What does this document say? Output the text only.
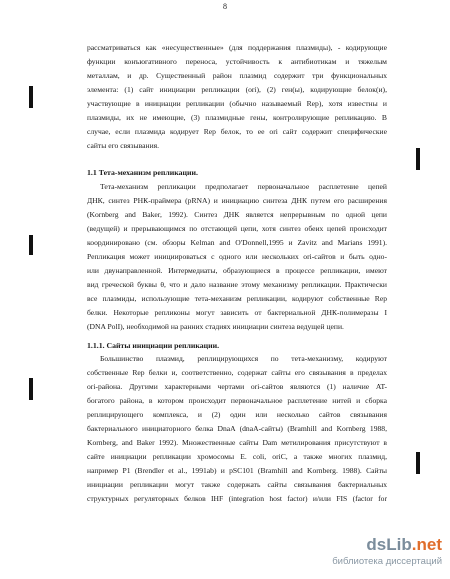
8
рассматриваться как «несущественные» (для поддержания плазмиды), - кодирующие
функции конъюгативного переноса, устойчивость к антибиотикам и тяжелым
металлам, и др. Существенный район плазмид содержит три функциональных
элемента: (1) сайт инициации репликации (ori), (2) ген(ы), кодирующие белок(и),
участвующие в инициации репликации (обычно называемый Rep), хотя известны и
плазмиды, их не имеющие, (3) плазмидные гены, контролирующие репликацию. В
случае, если плазмида кодирует Rep белок, то ее ori сайт содержит специфические
сайты его связывания.
1.1 Тета-механизм репликации.
Тета-механизм репликации предполагает первоначальное расплетение цепей
ДНК, синтез РНК-праймера (pRNA) и инициацию синтеза ДНК путем его расширения
(Kornberg and Baker, 1992). Синтез ДНК является непрерывным по одной цепи
(ведущей) и прерывающимся по отстающей цепи, хотя синтез обеих цепей происходит
координировано (см. обзоры Kelman and O'Donnell,1995 и Zavitz and Marians 1991).
Репликация может инициироваться с одного или нескольких ori-сайтов и быть одно-
или двунаправленной. Интермедиаты, образующиеся в процессе репликации, имеют
вид греческой буквы θ, что и дало название этому механизму репликации. Практически
все плазмиды, использующие тета-механизм репликации, кодируют собственные Rep
белки. Некоторые репликоны могут зависить от бактериальной ДНК-полимеразы I
(DNA PolI), необходимой на ранних стадиях инициации синтеза ведущей цепи.
1.1.1. Сайты инициации репликации.
Большинство плазмид, реплицирующихся по тета-механизму, кодируют
собственные Rep белки и, соответственно, содержат сайты его связывания в пределах
ori-района. Другими характерными чертами ori-сайтов являются (1) наличие AT-
богатого района, в котором происходит первоначальное расплетение нитей и сборка
реплицирующего комплекса, и (2) один или несколько сайтов связывания
бактериального инициаторного белка DnaA (dnaA-сайты) (Bramhill and Kornberg 1988,
Kornberg, and Baker 1992). Множественные сайты Dam метилирования присутствуют в
сайте инициации репликации хромосомы E. coli, oriC, а также многих плазмид,
например P1 (Brendler et al., 1991ab) и pSC101 (Bramhill and Kornberg. 1988). Сайты
инициации репликации могут также содержать сайты связывания бактериальных
структурных регуляторных белков IHF (integration host factor) и/или FIS (factor for
dsLib.net
библиотека диссертаций
